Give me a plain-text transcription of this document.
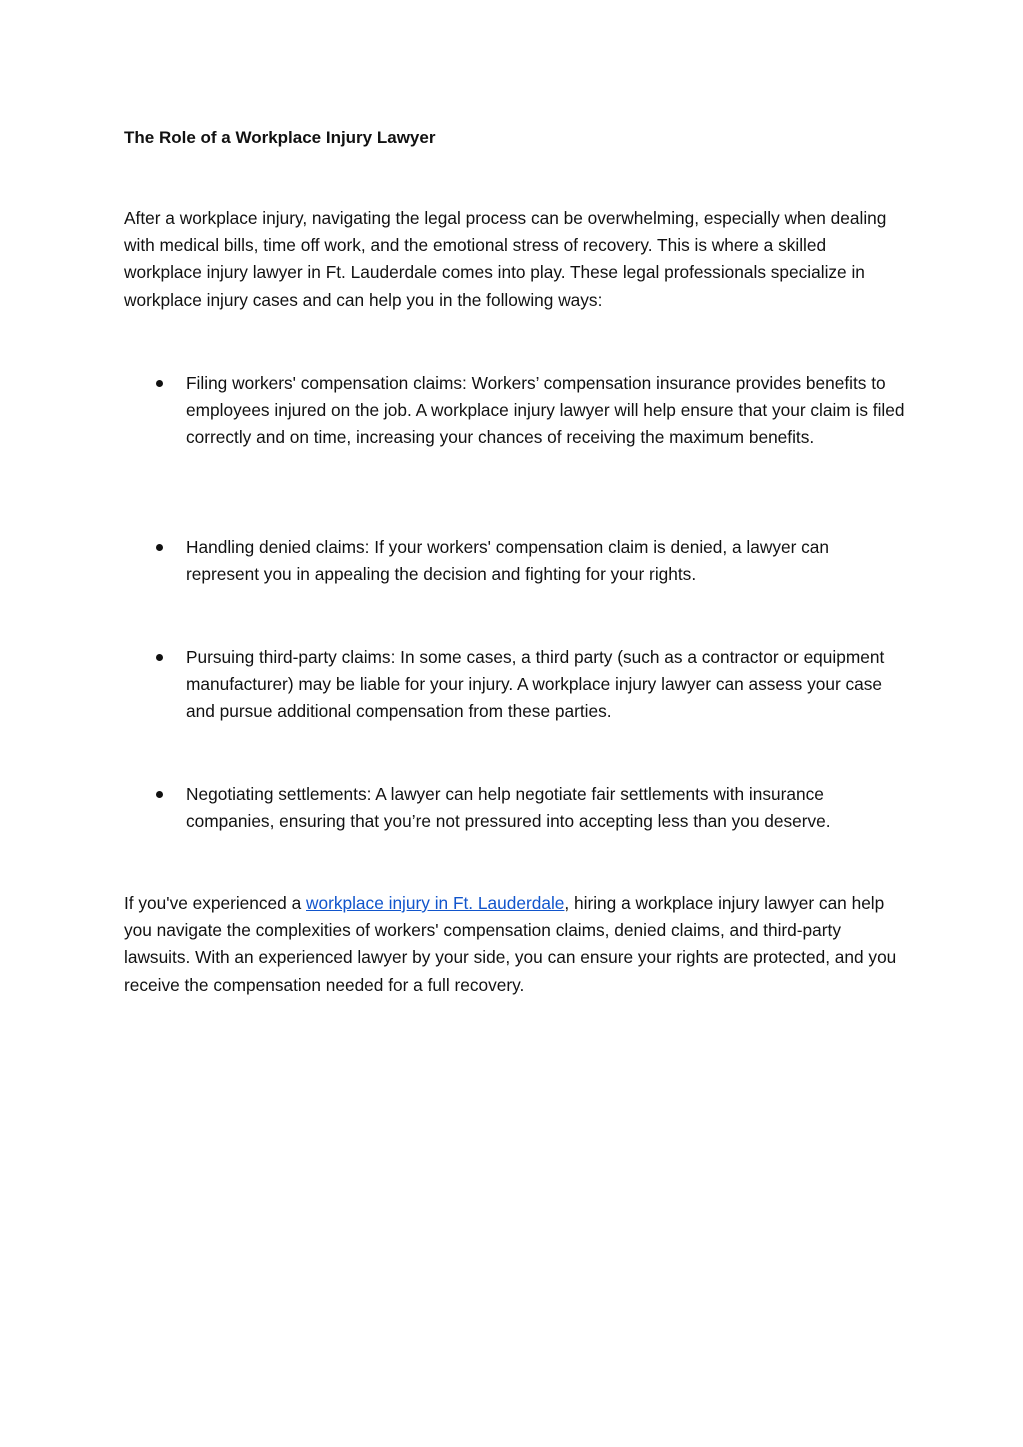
The Role of a Workplace Injury Lawyer

After a workplace injury, navigating the legal process can be overwhelming, especially when dealing with medical bills, time off work, and the emotional stress of recovery. This is where a skilled workplace injury lawyer in Ft. Lauderdale comes into play. These legal professionals specialize in workplace injury cases and can help you in the following ways:

Filing workers' compensation claims: Workers’ compensation insurance provides benefits to employees injured on the job. A workplace injury lawyer will help ensure that your claim is filed correctly and on time, increasing your chances of receiving the maximum benefits.
Handling denied claims: If your workers' compensation claim is denied, a lawyer can represent you in appealing the decision and fighting for your rights.
Pursuing third-party claims: In some cases, a third party (such as a contractor or equipment manufacturer) may be liable for your injury. A workplace injury lawyer can assess your case and pursue additional compensation from these parties.
Negotiating settlements: A lawyer can help negotiate fair settlements with insurance companies, ensuring that you’re not pressured into accepting less than you deserve.

If you've experienced a workplace injury in Ft. Lauderdale, hiring a workplace injury lawyer can help you navigate the complexities of workers' compensation claims, denied claims, and third-party lawsuits. With an experienced lawyer by your side, you can ensure your rights are protected, and you receive the compensation needed for a full recovery.
